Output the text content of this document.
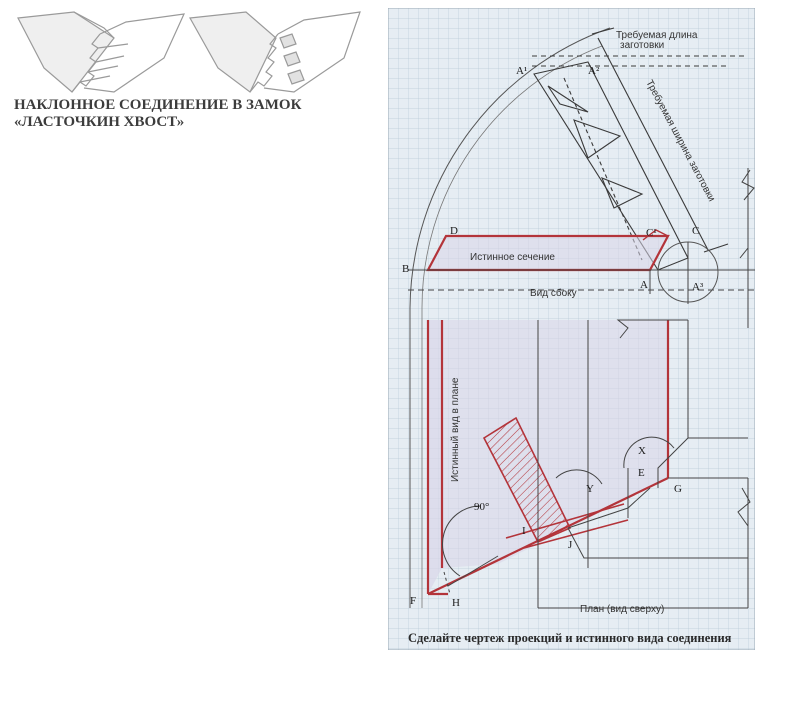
НАКЛОННОЕ СОЕДИНЕНИЕ В ЗАМОК
«ЛАСТОЧКИН ХВОСТ»
A¹	A²
D	C¹	C
B
A	A³
X
E
G
Y
I
J
F	H
Требуемая длина
заготовки
Требуемая ширина заготовки
Истинное сечение
Вид сбоку
Истинный вид в плане
План (вид сверху)
90°
Сделайте чертеж проекций и истинного вида соединения
